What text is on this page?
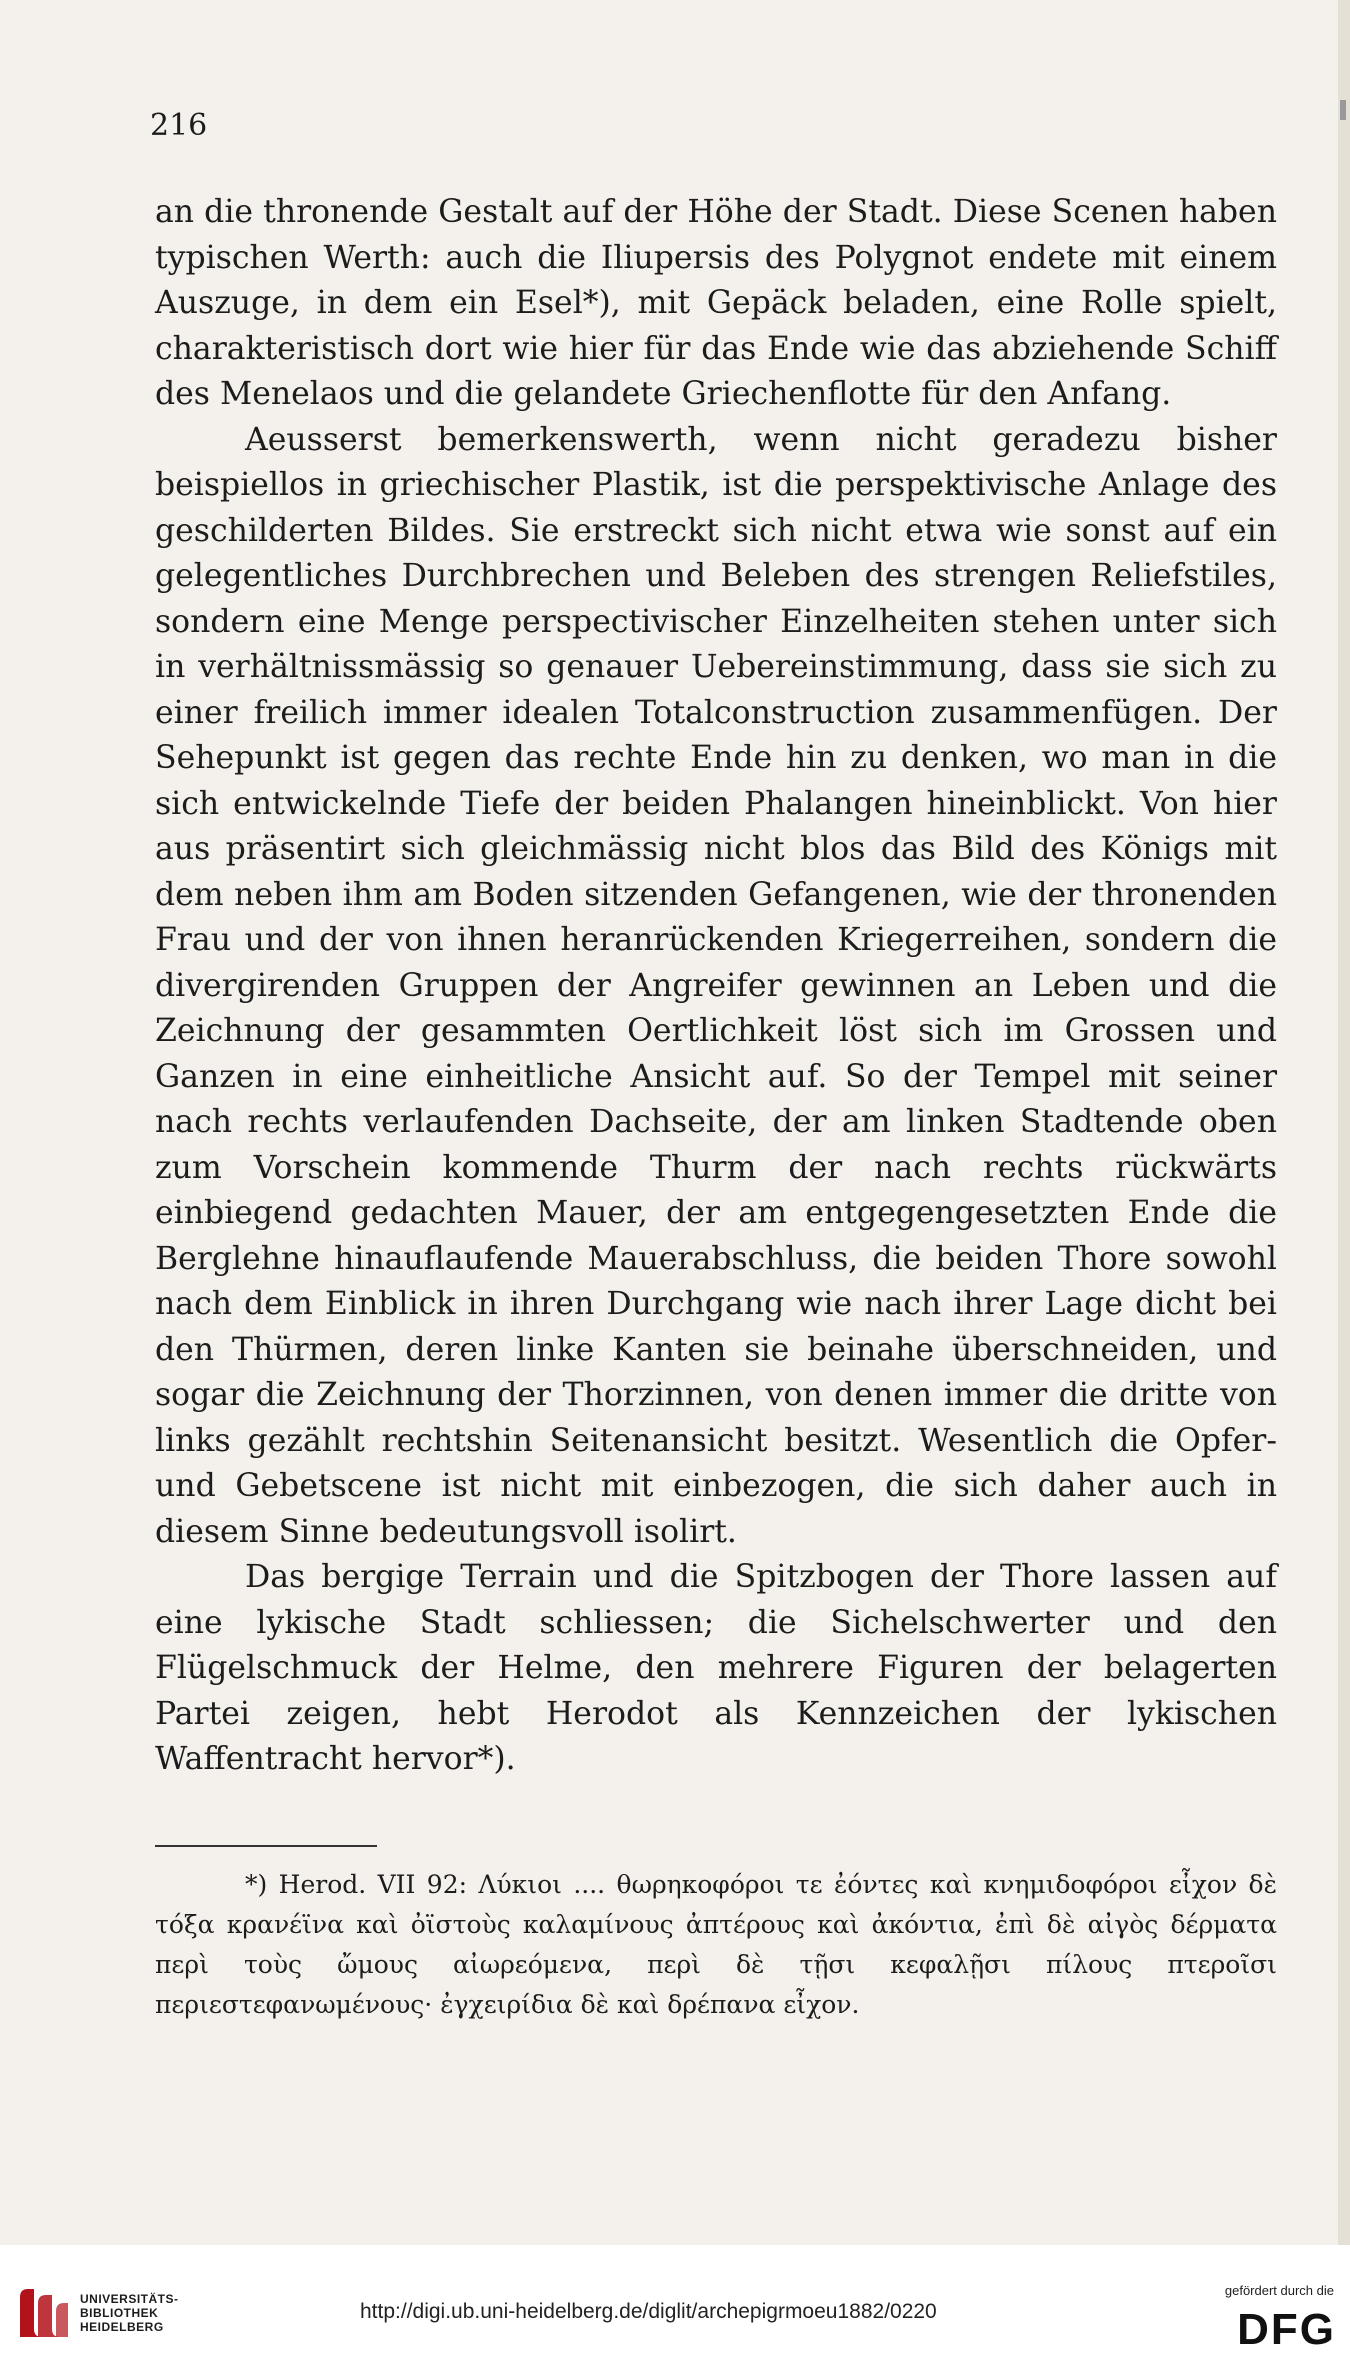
216

an die thronende Gestalt auf der Höhe der Stadt. Diese Scenen haben typischen Werth: auch die Iliupersis des Polygnot endete mit einem Auszuge, in dem ein Esel*), mit Gepäck beladen, eine Rolle spielt, charakteristisch dort wie hier für das Ende wie das abziehende Schiff des Menelaos und die gelandete Griechenflotte für den Anfang.

Aeusserst bemerkenswerth, wenn nicht geradezu bisher beispiellos in griechischer Plastik, ist die perspektivische Anlage des geschilderten Bildes. Sie erstreckt sich nicht etwa wie sonst auf ein gelegentliches Durchbrechen und Beleben des strengen Reliefstiles, sondern eine Menge perspectivischer Einzelheiten stehen unter sich in verhältnissmässig so genauer Uebereinstimmung, dass sie sich zu einer freilich immer idealen Totalconstruction zusammenfügen. Der Sehepunkt ist gegen das rechte Ende hin zu denken, wo man in die sich entwickelnde Tiefe der beiden Phalangen hineinblickt. Von hier aus präsentirt sich gleichmässig nicht blos das Bild des Königs mit dem neben ihm am Boden sitzenden Gefangenen, wie der thronenden Frau und der von ihnen heranrückenden Kriegerreihen, sondern die divergirenden Gruppen der Angreifer gewinnen an Leben und die Zeichnung der gesammten Oertlichkeit löst sich im Grossen und Ganzen in eine einheitliche Ansicht auf. So der Tempel mit seiner nach rechts verlaufenden Dachseite, der am linken Stadtende oben zum Vorschein kommende Thurm der nach rechts rückwärts einbiegend gedachten Mauer, der am entgegengesetzten Ende die Berglehne hinauflaufende Mauerabschluss, die beiden Thore sowohl nach dem Einblick in ihren Durchgang wie nach ihrer Lage dicht bei den Thürmen, deren linke Kanten sie beinahe überschneiden, und sogar die Zeichnung der Thorzinnen, von denen immer die dritte von links gezählt rechtshin Seitenansicht besitzt. Wesentlich die Opfer- und Gebetscene ist nicht mit einbezogen, die sich daher auch in diesem Sinne bedeutungsvoll isolirt.

Das bergige Terrain und die Spitzbogen der Thore lassen auf eine lykische Stadt schliessen; die Sichelschwerter und den Flügelschmuck der Helme, den mehrere Figuren der belagerten Partei zeigen, hebt Herodot als Kennzeichen der lykischen Waffentracht hervor*).

*) Herod. VII 92: Λύκιοι .... θωρηκοφόροι τε ἐόντες καὶ κνημιδοφόροι εἶχον δὲ τόξα κρανέϊνα καὶ ὀϊστοὺς καλαμίνους ἀπτέρους καὶ ἀκόντια, ἐπὶ δὲ αἰγὸς δέρματα περὶ τοὺς ὤμους αἰωρεόμενα, περὶ δὲ τῇσι κεφαλῇσι πίλους πτεροῖσι περιεστεφανωμένους· ἐγχειρίδια δὲ καὶ δρέπανα εἶχον.

UNIVERSITÄTS-
BIBLIOTHEK
HEIDELBERG
http://digi.ub.uni-heidelberg.de/diglit/archepigrmoeu1882/0220
gefördert durch die
DFG
